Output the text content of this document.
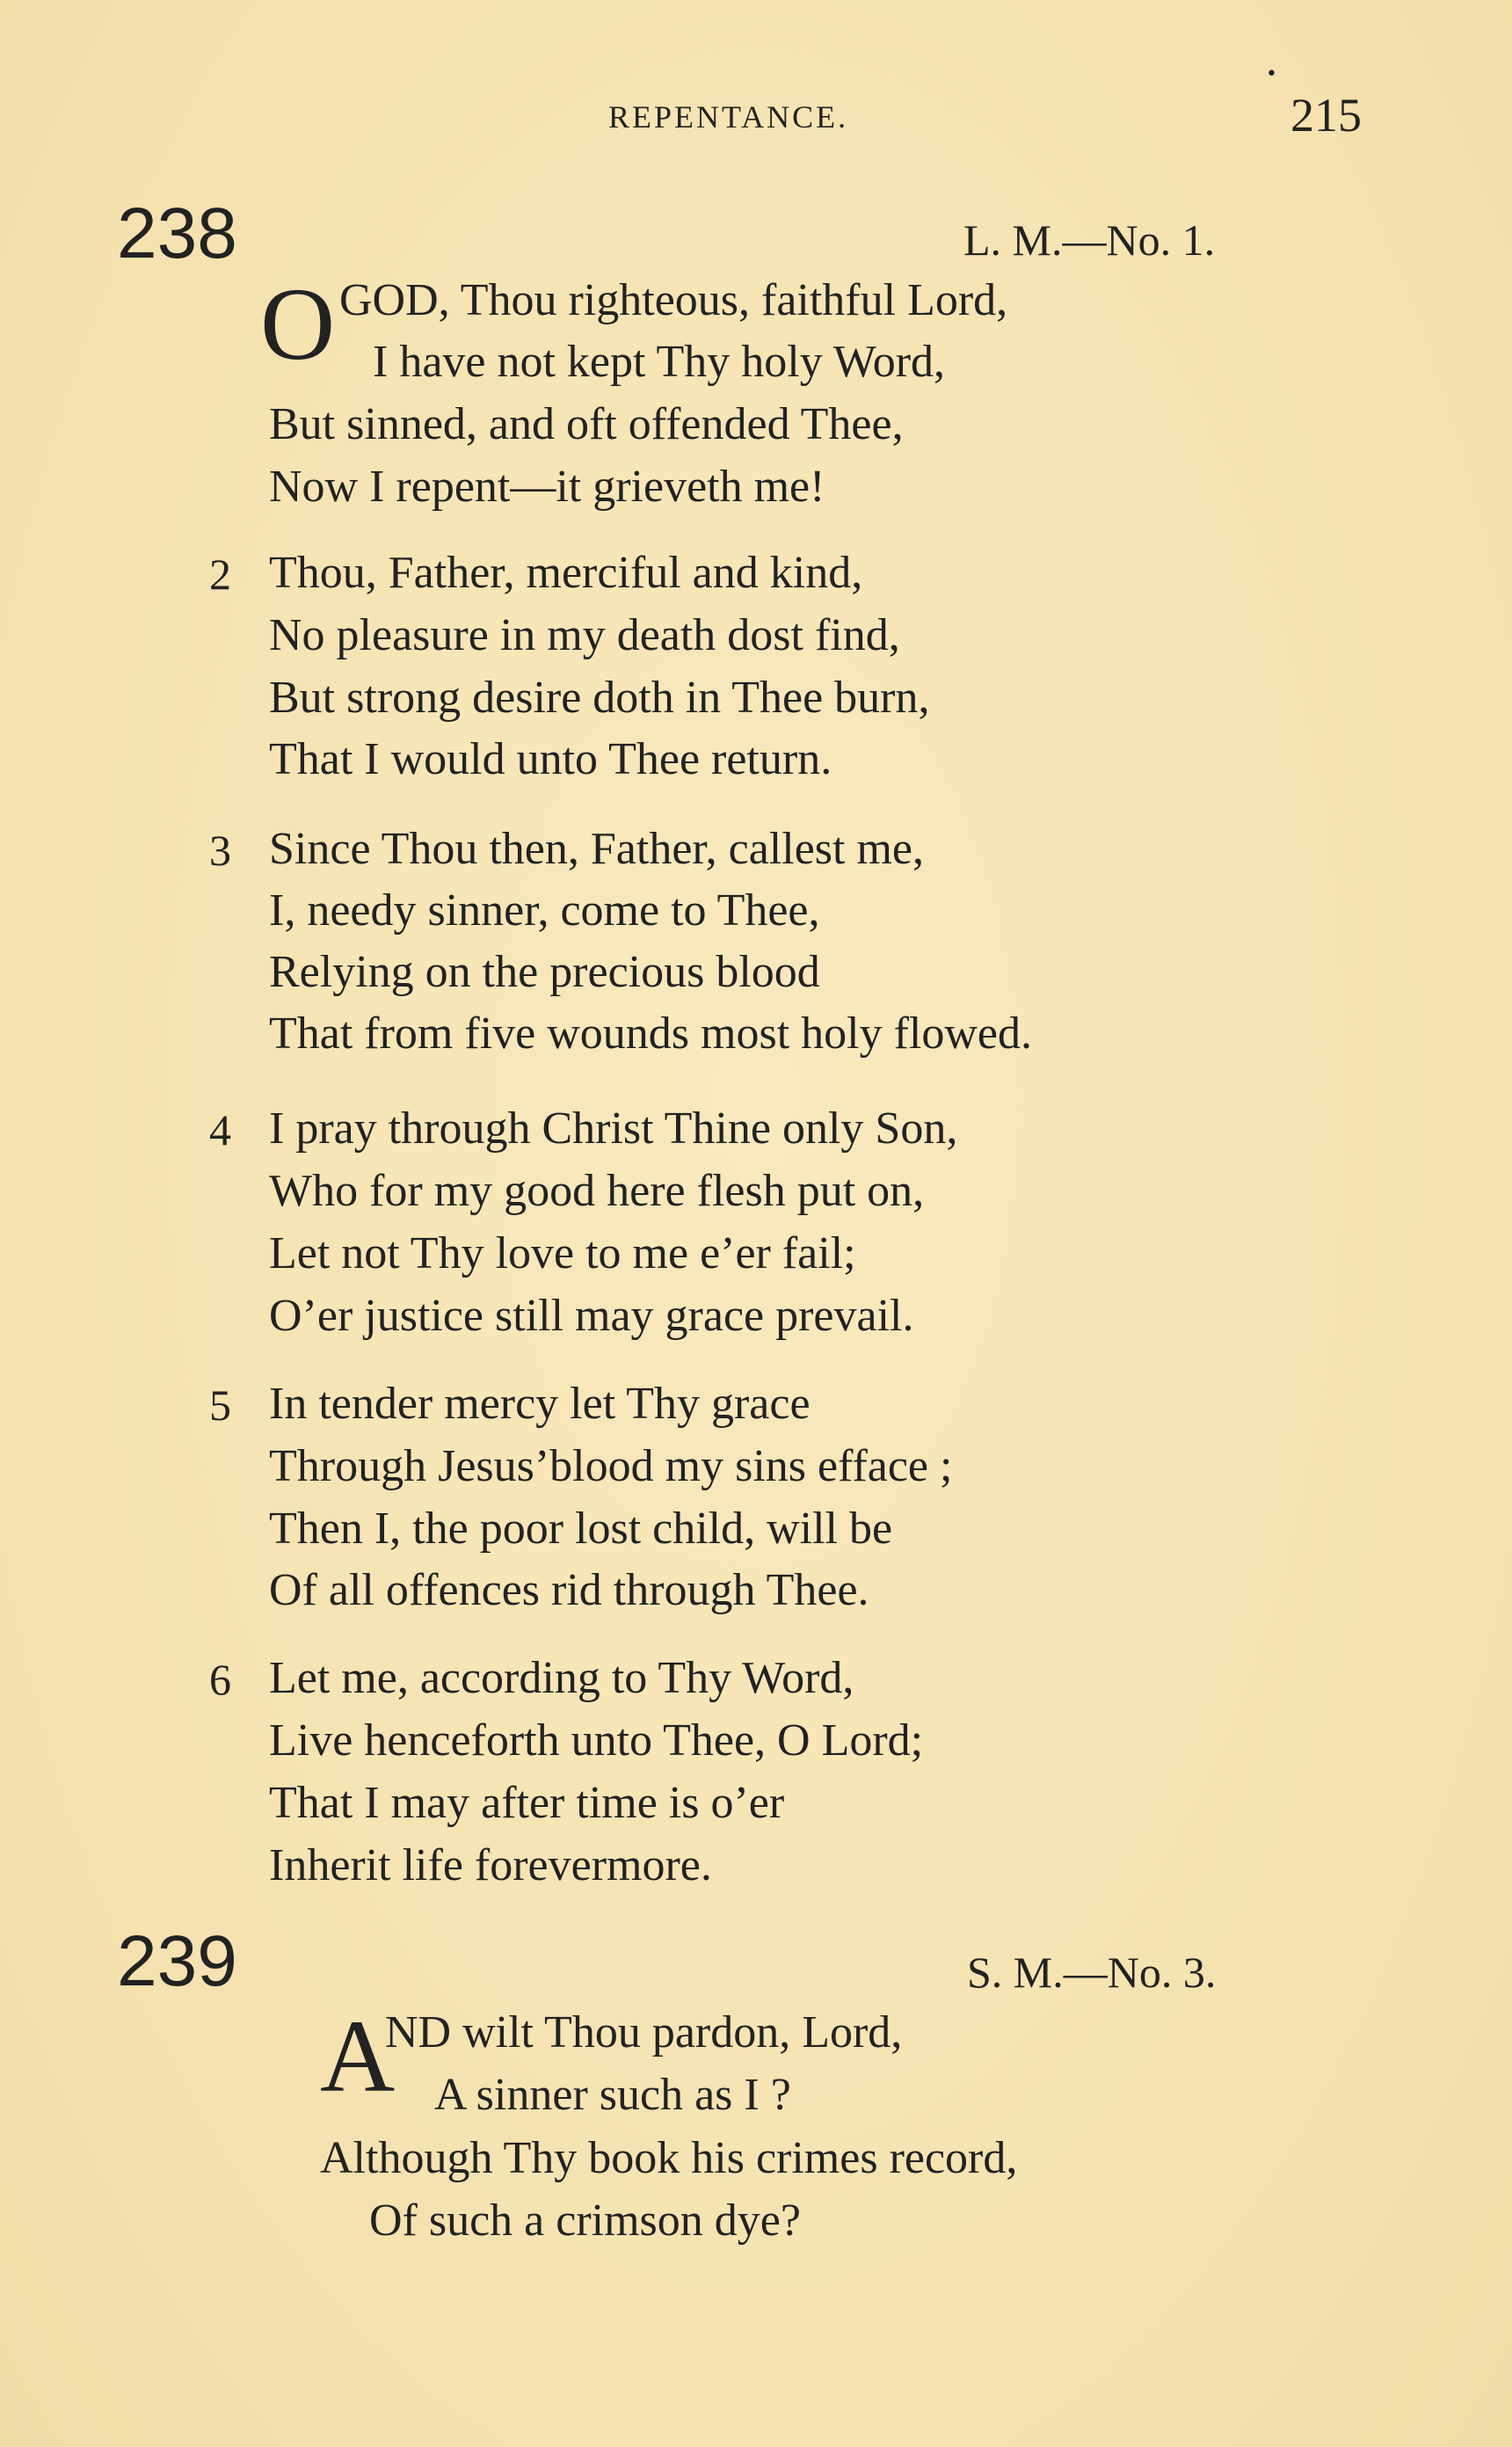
•
REPENTANCE.	215
238	L. M.—No. 1.
O GOD, Thou righteous, faithful Lord,
I have not kept Thy holy Word,
But sinned, and oft offended Thee,
Now I repent—it grieveth me!
2 Thou, Father, merciful and kind,
No pleasure in my death dost find,
But strong desire doth in Thee burn,
That I would unto Thee return.
3 Since Thou then, Father, callest me,
I, needy sinner, come to Thee,
Relying on the precious blood
That from five wounds most holy flowed.
4 I pray through Christ Thine only Son,
Who for my good here flesh put on,
Let not Thy love to me e’er fail;
O’er justice still may grace prevail.
5 In tender mercy let Thy grace
Through Jesus’blood my sins efface ;
Then I, the poor lost child, will be
Of all offences rid through Thee.
6 Let me, according to Thy Word,
Live henceforth unto Thee, O Lord;
That I may after time is o’er
Inherit life forevermore.
239	S. M.—No. 3.
A
ND wilt Thou pardon, Lord,
A sinner such as I ?
Although Thy book his crimes record,
Of such a crimson dye?
